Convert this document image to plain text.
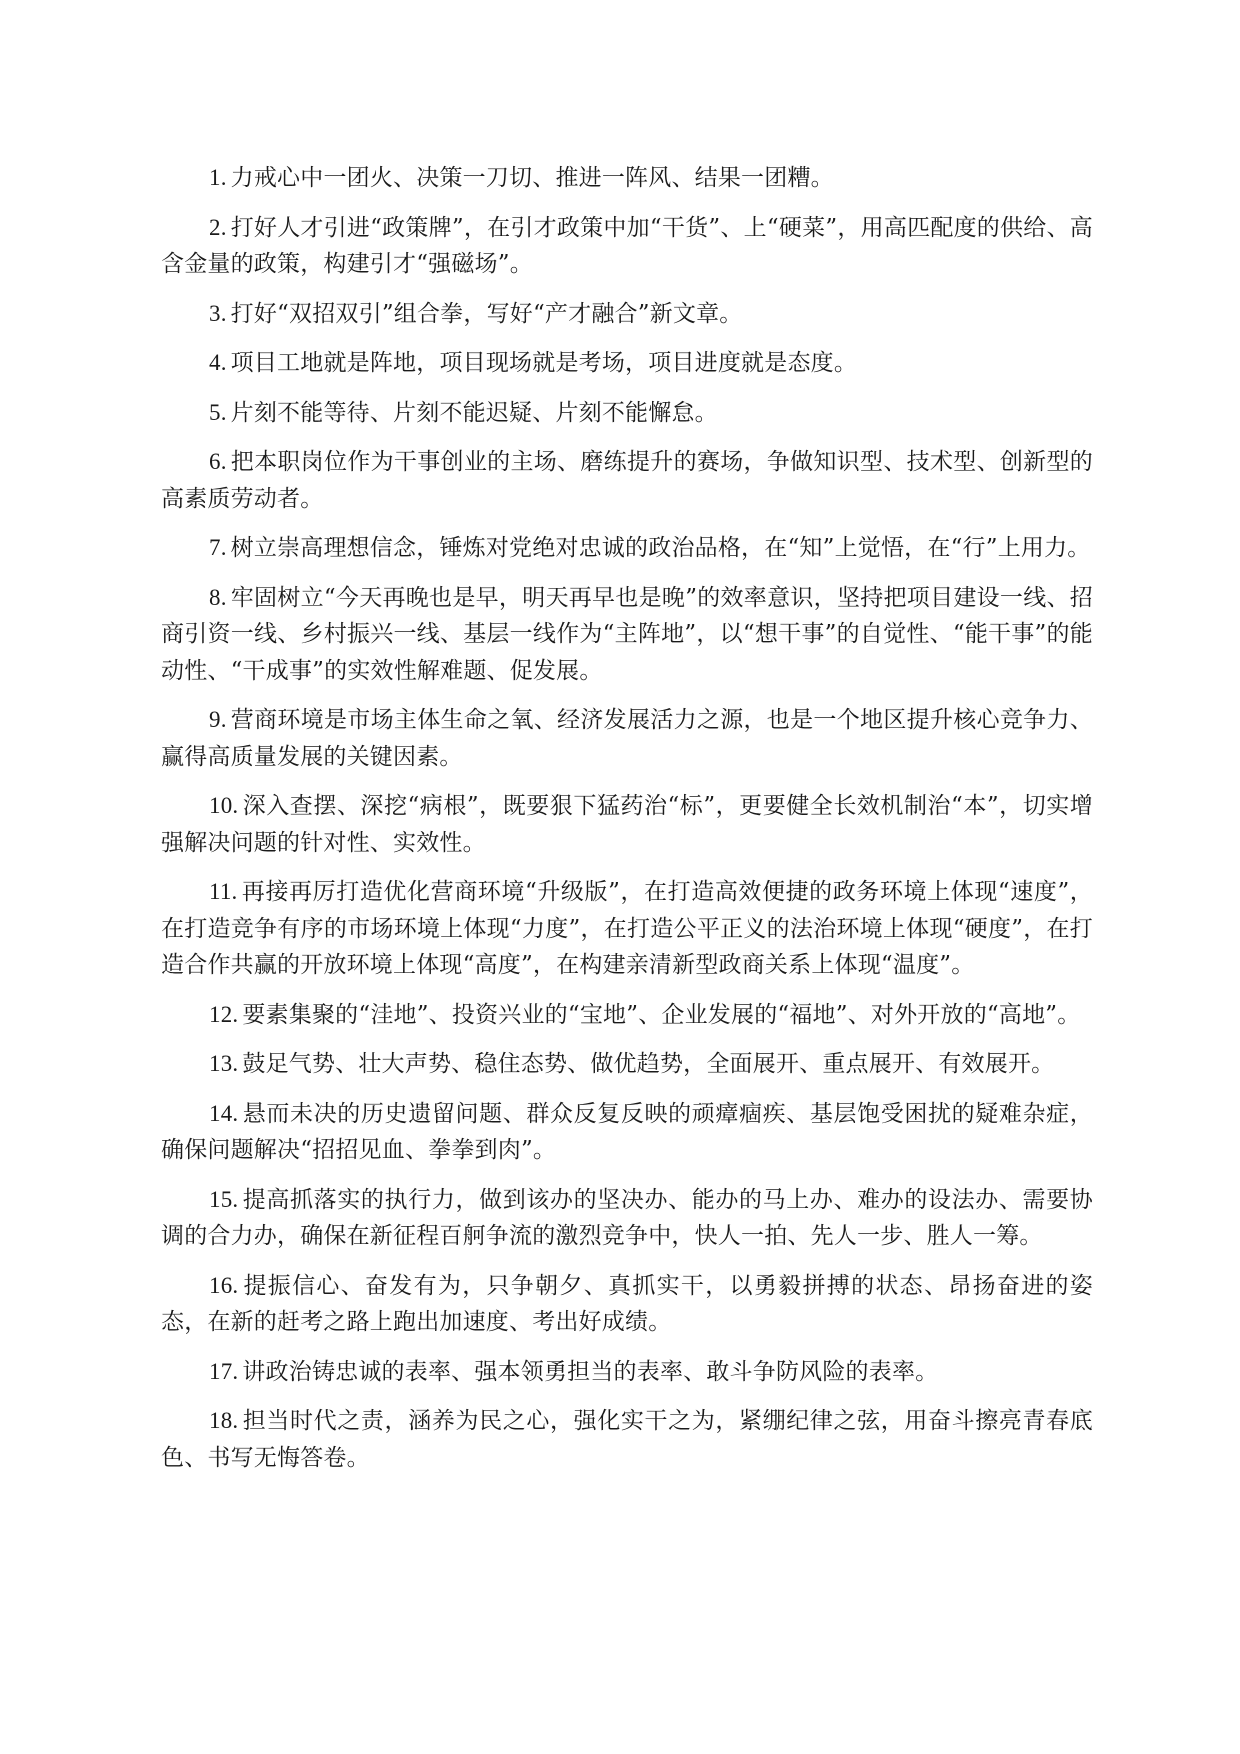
1. 力戒心中一团火、决策一刀切、推进一阵风、结果一团糟。

2. 打好人才引进“政策牌”，在引才政策中加“干货”、上“硬菜”，用高匹配度的供给、高含金量的政策，构建引才“强磁场”。

3. 打好“双招双引”组合拳，写好“产才融合”新文章。

4. 项目工地就是阵地，项目现场就是考场，项目进度就是态度。

5. 片刻不能等待、片刻不能迟疑、片刻不能懈怠。

6. 把本职岗位作为干事创业的主场、磨练提升的赛场，争做知识型、技术型、创新型的高素质劳动者。

7. 树立崇高理想信念，锤炼对党绝对忠诚的政治品格，在“知”上觉悟，在“行”上用力。

8. 牢固树立“今天再晚也是早，明天再早也是晚”的效率意识，坚持把项目建设一线、招商引资一线、乡村振兴一线、基层一线作为“主阵地”，以“想干事”的自觉性、“能干事”的能动性、“干成事”的实效性解难题、促发展。

9. 营商环境是市场主体生命之氧、经济发展活力之源，也是一个地区提升核心竞争力、赢得高质量发展的关键因素。

10. 深入查摆、深挖“病根”，既要狠下猛药治“标”，更要健全长效机制治“本”，切实增强解决问题的针对性、实效性。

11. 再接再厉打造优化营商环境“升级版”，在打造高效便捷的政务环境上体现“速度”，在打造竞争有序的市场环境上体现“力度”，在打造公平正义的法治环境上体现“硬度”，在打造合作共赢的开放环境上体现“高度”，在构建亲清新型政商关系上体现“温度”。

12. 要素集聚的“洼地”、投资兴业的“宝地”、企业发展的“福地”、对外开放的“高地”。

13. 鼓足气势、壮大声势、稳住态势、做优趋势，全面展开、重点展开、有效展开。

14. 悬而未决的历史遗留问题、群众反复反映的顽瘴痼疾、基层饱受困扰的疑难杂症，确保问题解决“招招见血、拳拳到肉”。

15. 提高抓落实的执行力，做到该办的坚决办、能办的马上办、难办的设法办、需要协调的合力办，确保在新征程百舸争流的激烈竞争中，快人一拍、先人一步、胜人一筹。

16. 提振信心、奋发有为，只争朝夕、真抓实干，以勇毅拼搏的状态、昂扬奋进的姿态，在新的赶考之路上跑出加速度、考出好成绩。

17. 讲政治铸忠诚的表率、强本领勇担当的表率、敢斗争防风险的表率。

18. 担当时代之责，涵养为民之心，强化实干之为，紧绷纪律之弦，用奋斗擦亮青春底色、书写无悔答卷。
